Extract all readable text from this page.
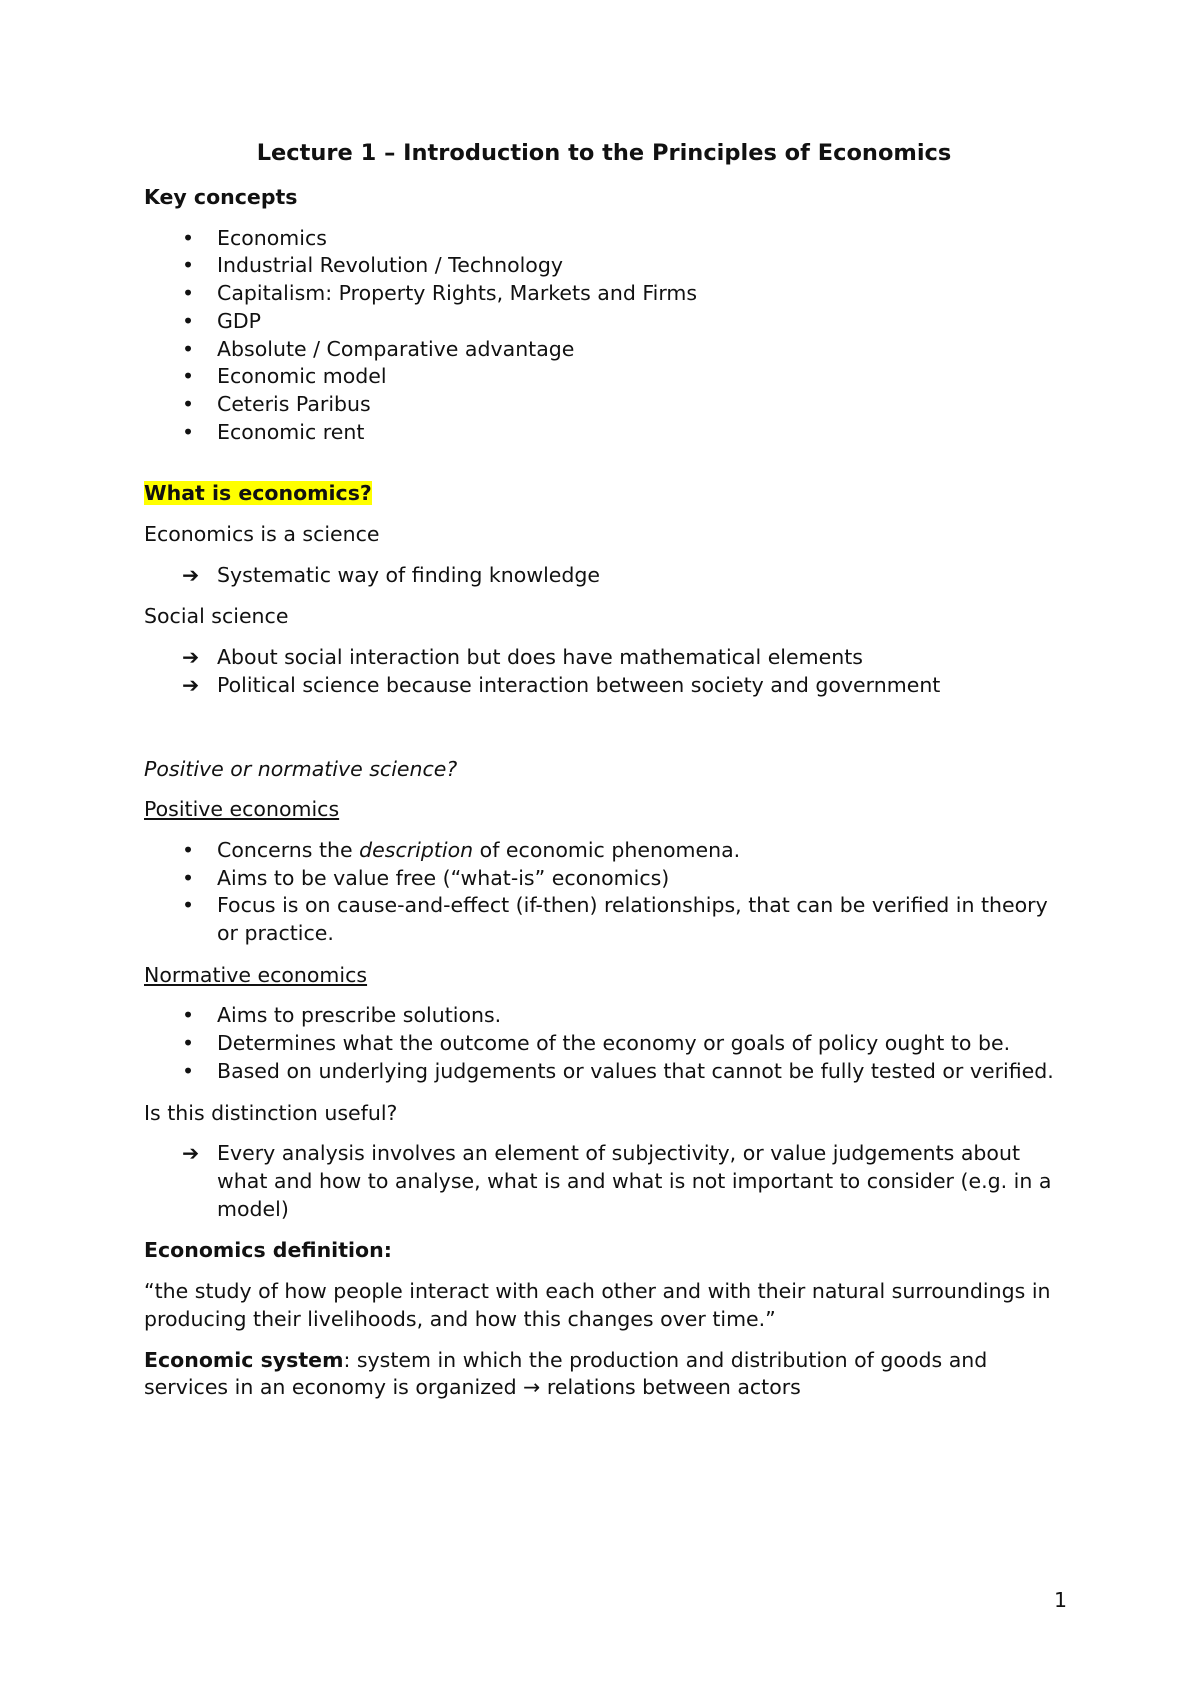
Lecture 1 – Introduction to the Principles of Economics

Key concepts

• Economics
• Industrial Revolution / Technology
• Capitalism: Property Rights, Markets and Firms
• GDP
• Absolute / Comparative advantage
• Economic model
• Ceteris Paribus
• Economic rent

What is economics?

Economics is a science

➔ Systematic way of finding knowledge

Social science

➔ About social interaction but does have mathematical elements
➔ Political science because interaction between society and government

Positive or normative science?

Positive economics

• Concerns the description of economic phenomena.
• Aims to be value free (“what-is” economics)
• Focus is on cause-and-effect (if-then) relationships, that can be verified in theory or practice.

Normative economics

• Aims to prescribe solutions.
• Determines what the outcome of the economy or goals of policy ought to be.
• Based on underlying judgements or values that cannot be fully tested or verified.

Is this distinction useful?

➔ Every analysis involves an element of subjectivity, or value judgements about what and how to analyse, what is and what is not important to consider (e.g. in a model)

Economics definition:

“the study of how people interact with each other and with their natural surroundings in producing their livelihoods, and how this changes over time.”

Economic system: system in which the production and distribution of goods and services in an economy is organized → relations between actors

1
